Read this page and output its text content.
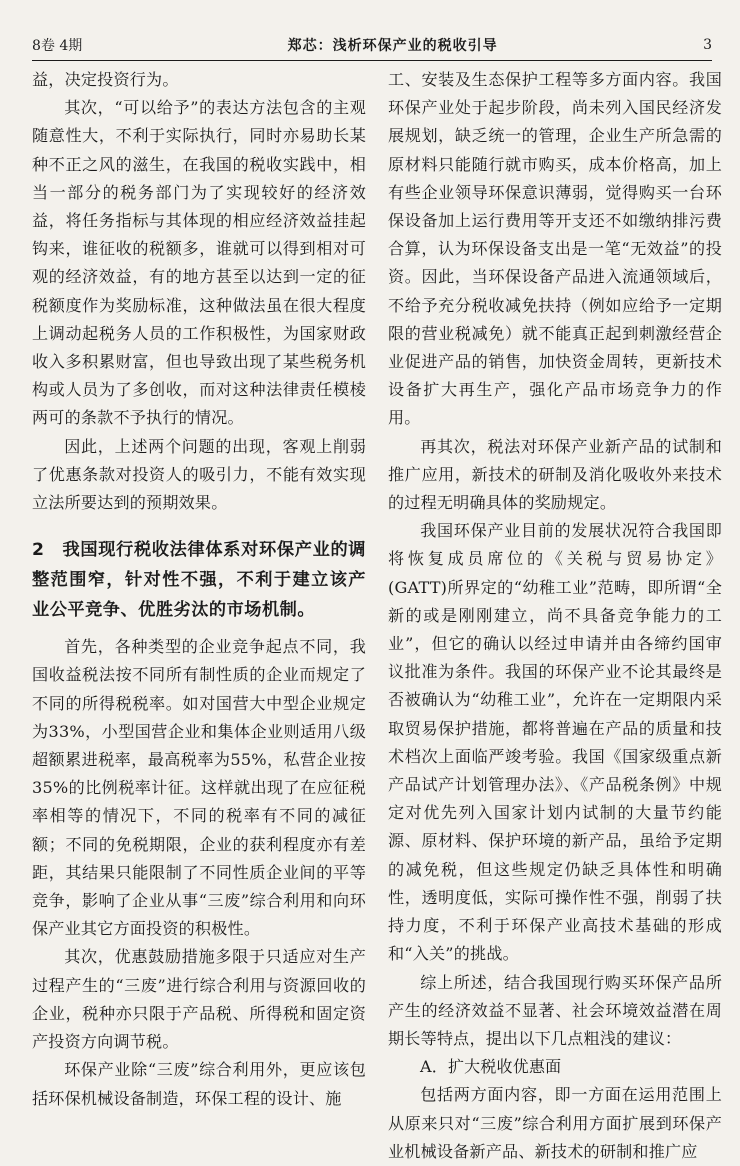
8卷 4期	郑芯：浅析环保产业的税收引导	3

益，决定投资行为。

其次，“可以给予”的表达方法包含的主观随意性大，不利于实际执行，同时亦易助长某种不正之风的滋生，在我国的税收实践中，相当一部分的税务部门为了实现较好的经济效益，将任务指标与其体现的相应经济效益挂起钩来，谁征收的税额多，谁就可以得到相对可观的经济效益，有的地方甚至以达到一定的征税额度作为奖励标准，这种做法虽在很大程度上调动起税务人员的工作积极性，为国家财政收入多积累财富，但也导致出现了某些税务机构或人员为了多创收，而对这种法律责任模棱两可的条款不予执行的情况。

因此，上述两个问题的出现，客观上削弱了优惠条款对投资人的吸引力，不能有效实现立法所要达到的预期效果。

2　我国现行税收法律体系对环保产业的调整范围窄，针对性不强，不利于建立该产业公平竞争、优胜劣汰的市场机制。

首先，各种类型的企业竞争起点不同，我国收益税法按不同所有制性质的企业而规定了不同的所得税税率。如对国营大中型企业规定为33%，小型国营企业和集体企业则适用八级超额累进税率，最高税率为55%，私营企业按35%的比例税率计征。这样就出现了在应征税率相等的情况下，不同的税率有不同的减征额；不同的免税期限，企业的获利程度亦有差距，其结果只能限制了不同性质企业间的平等竞争，影响了企业从事“三废”综合利用和向环保产业其它方面投资的积极性。

其次，优惠鼓励措施多限于只适应对生产过程产生的“三废”进行综合利用与资源回收的企业，税种亦只限于产品税、所得税和固定资产投资方向调节税。

环保产业除“三废”综合利用外，更应该包括环保机械设备制造，环保工程的设计、施

工、安装及生态保护工程等多方面内容。我国环保产业处于起步阶段，尚未列入国民经济发展规划，缺乏统一的管理，企业生产所急需的原材料只能随行就市购买，成本价格高，加上有些企业领导环保意识薄弱，觉得购买一台环保设备加上运行费用等开支还不如缴纳排污费合算，认为环保设备支出是一笔“无效益”的投资。因此，当环保设备产品进入流通领域后，不给予充分税收减免扶持（例如应给予一定期限的营业税减免）就不能真正起到刺激经营企业促进产品的销售，加快资金周转，更新技术设备扩大再生产，强化产品市场竞争力的作用。

再其次，税法对环保产业新产品的试制和推广应用，新技术的研制及消化吸收外来技术的过程无明确具体的奖励规定。

我国环保产业目前的发展状况符合我国即将恢复成员席位的《关税与贸易协定》(GATT)所界定的“幼稚工业”范畴，即所谓“全新的或是刚刚建立，尚不具备竞争能力的工业”，但它的确认以经过申请并由各缔约国审议批准为条件。我国的环保产业不论其最终是否被确认为“幼稚工业”，允许在一定期限内采取贸易保护措施，都将普遍在产品的质量和技术档次上面临严竣考验。我国《国家级重点新产品试产计划管理办法》、《产品税条例》中规定对优先列入国家计划内试制的大量节约能源、原材料、保护环境的新产品，虽给予定期的减免税，但这些规定仍缺乏具体性和明确性，透明度低，实际可操作性不强，削弱了扶持力度，不利于环保产业高技术基础的形成和“入关”的挑战。

综上所述，结合我国现行购买环保产品所产生的经济效益不显著、社会环境效益潜在周期长等特点，提出以下几点粗浅的建议：

A．扩大税收优惠面

包括两方面内容，即一方面在运用范围上从原来只对“三废”综合利用方面扩展到环保产业机械设备新产品、新技术的研制和推广应
